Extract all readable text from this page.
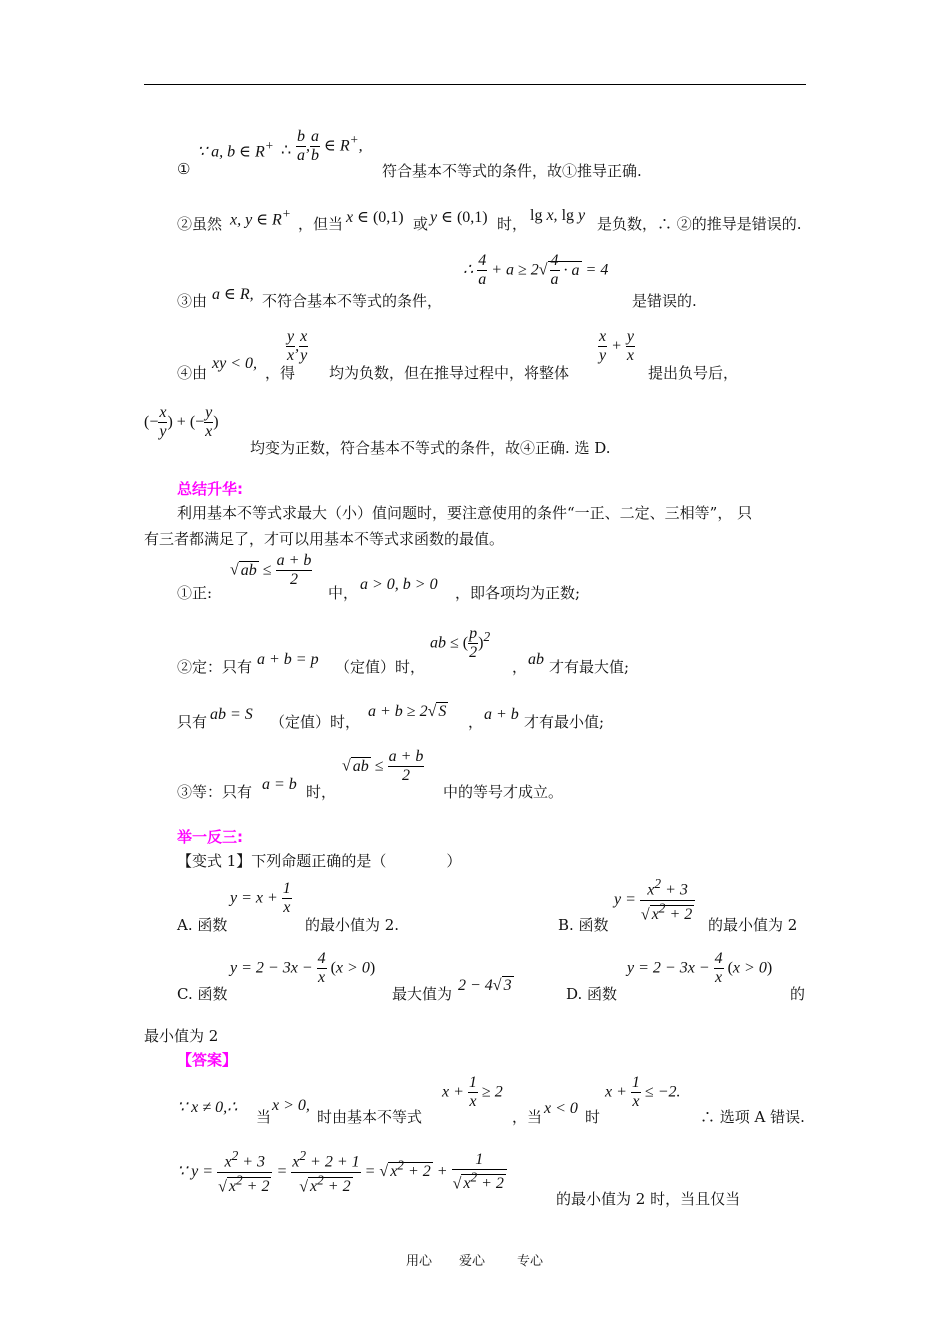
∵ a, b ∈ R+ ∴ $\frac{b}{a}$ , $\frac{a}{b}$ ∈ R+,
①	符合基本不等式的条件，故①推导正确.
②虽然 x, y ∈ R+
，但当 x ∈ (0,1) 或 y ∈ (0,1) 时， lg x, lg y 是负数，∴ ②的推导是错误的.
③由 a ∈ R, 不符合基本不等式的条件，
∴ $\frac{4}{a} + a \ge 2√ \frac{4}{a} \cdot a = 4$
是错误的.
④由
xy < 0,
，得
$\frac{y}{x}$ , $\frac{x}{y}$
均为负数，但在推导过程中，将整体
$\frac{x}{y} + \frac{y}{x}$
提出负号后，
(− $\frac{x}{y}$ ) + (− $\frac{y}{x}$ )
均变为正数，符合基本不等式的条件，故④正确. 选 D.
总结升华:
利用基本不等式求最大（小）值问题时，要注意使用的条件“一正、二定、三相等”， 只
有三者都满足了，才可以用基本不等式求函数的最值。
①正:
√ ab ≤ $\frac{a + b}{2}$
中， a > 0, b > 0 ，即各项均为正数;
②定：只有 a + b = p （定值）时，
ab ≤ ( $\frac{p}{2} )^2$
， ab 才有最大值;
只有 ab = S （定值）时，
a + b ≥ 2√ S
， a + b 才有最小值;
③等：只有 a = b 时，
√ ab ≤ $\frac{a + b}{2}$
中的等号才成立。
举一反三:
【变式 1】下列命题正确的是（　　　　）
A. 函数
$y = x + \frac{1}{x}$
的最小值为 2.	B. 函数
$y = \frac{x^2 + 3}{√ x^2 + 2}$
的最小值为 2
C. 函数
$y = 2 - 3x - \frac{4}{x} (x > 0)$
最大值为 2 − 4√ 3	D. 函数
$y = 2 - 3x - \frac{4}{x} (x > 0)$
的
最小值为 2
【答案】
∵ x ≠ 0,∴
当
x > 0,
时由基本不等式
$x + \frac{1}{x} \ge 2$
，当 x < 0 时
$x + \frac{1}{x} \le -2$.
∴ 选项 A 错误.
∵ $y = \frac{x^2 + 3}{√ x^2 + 2} = \frac{x^2 + 2 + 1}{√ x^2 + 2}$ = √ $x^2 + 2 + \frac{1}{√ x^2 + 2}$
的最小值为 2 时，当且仅当
用心 爱心 专心
